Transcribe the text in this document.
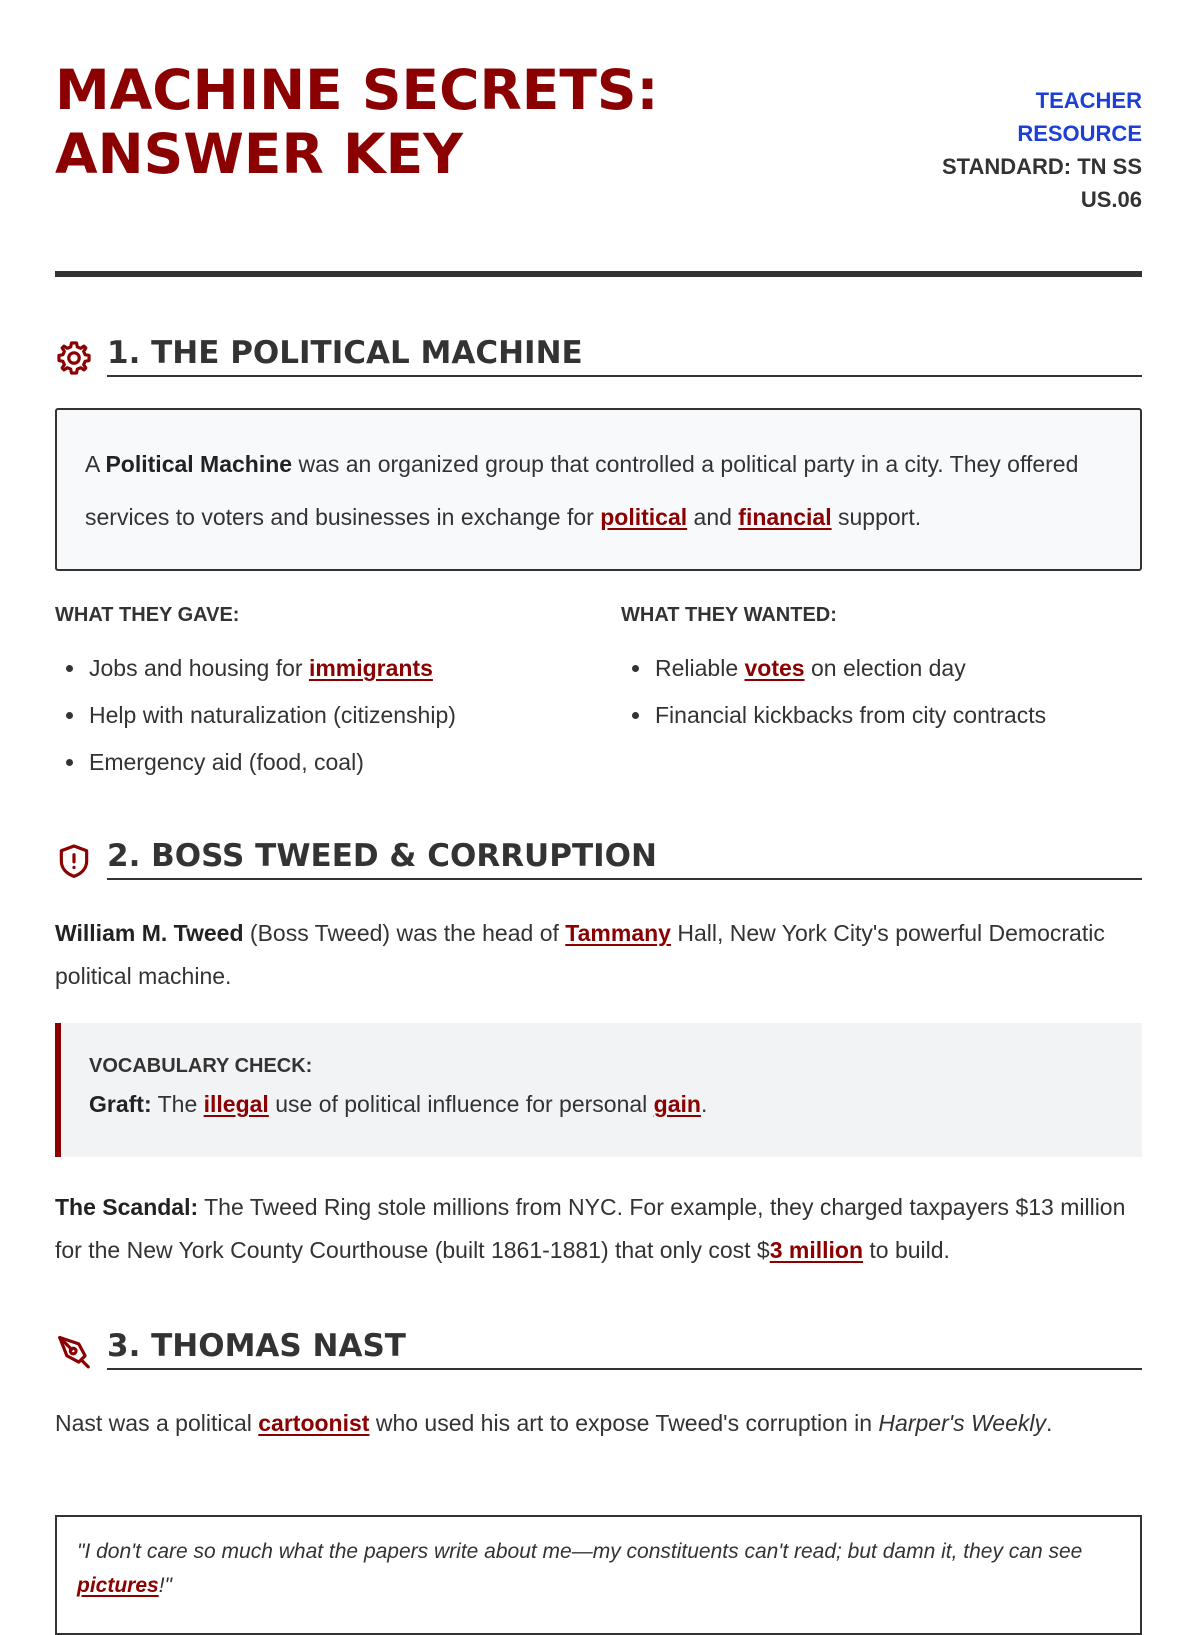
MACHINE SECRETS:
ANSWER KEY
TEACHER
RESOURCE
STANDARD: TN SS
US.06
1. THE POLITICAL MACHINE
A Political Machine was an organized group that controlled a political party in a city. They offered services to voters and businesses in exchange for political and financial support.
WHAT THEY GAVE:
• Jobs and housing for immigrants
• Help with naturalization (citizenship)
• Emergency aid (food, coal)
WHAT THEY WANTED:
• Reliable votes on election day
• Financial kickbacks from city contracts
2. BOSS TWEED & CORRUPTION

William M. Tweed (Boss Tweed) was the head of Tammany Hall, New York City's powerful Democratic political machine.

VOCABULARY CHECK:
Graft: The illegal use of political influence for personal gain.

The Scandal: The Tweed Ring stole millions from NYC. For example, they charged taxpayers $13 million for the New York County Courthouse (built 1861-1881) that only cost $3 million to build.

3. THOMAS NAST

Nast was a political cartoonist who used his art to expose Tweed's corruption in Harper's Weekly.

"I don't care so much what the papers write about me—my constituents can't read; but damn it, they can see pictures!"
